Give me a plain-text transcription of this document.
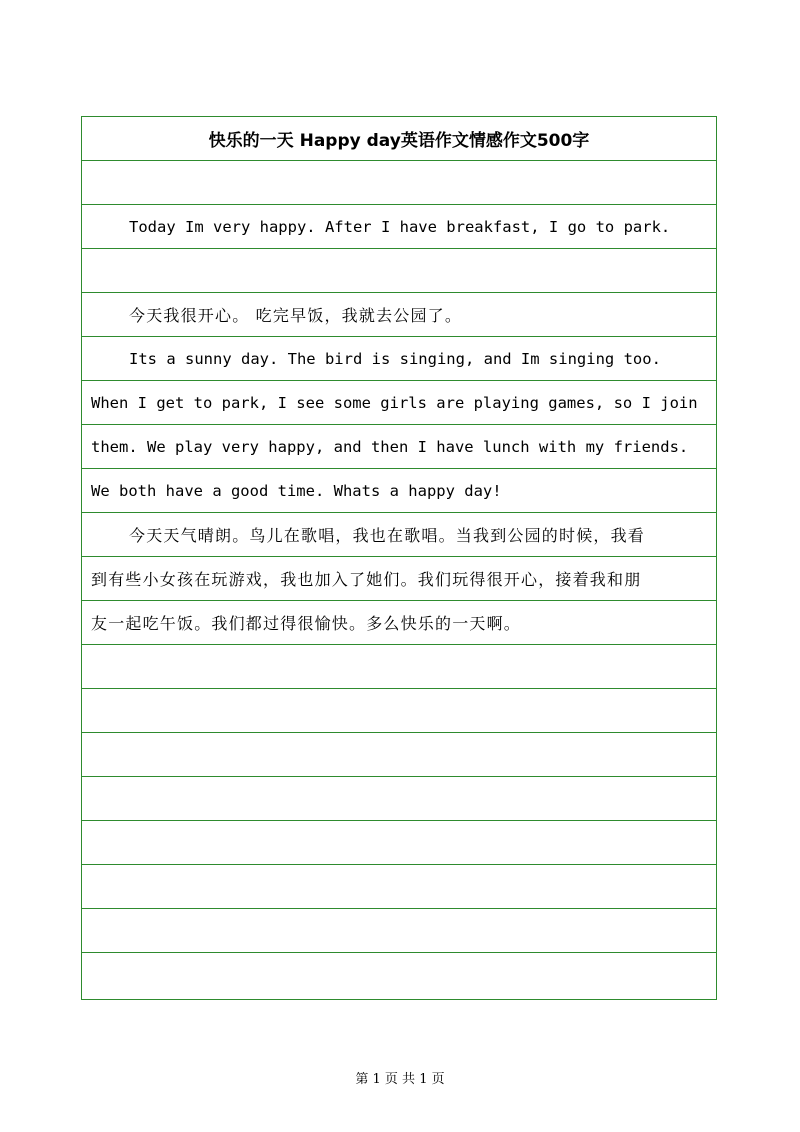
快乐的一天 Happy day英语作文情感作文500字
Today Im very happy. After I have breakfast, I go to park.
今天我很开心。 吃完早饭，我就去公园了。
Its a sunny day. The bird is singing, and Im singing too.
When I get to park, I see some girls are playing games, so I join
them. We play very happy, and then I have lunch with my friends.
We both have a good time. Whats a happy day!
今天天气晴朗。鸟儿在歌唱，我也在歌唱。当我到公园的时候，我看
到有些小女孩在玩游戏，我也加入了她们。我们玩得很开心，接着我和朋
友一起吃午饭。我们都过得很愉快。多么快乐的一天啊。
第 1 页 共 1 页
